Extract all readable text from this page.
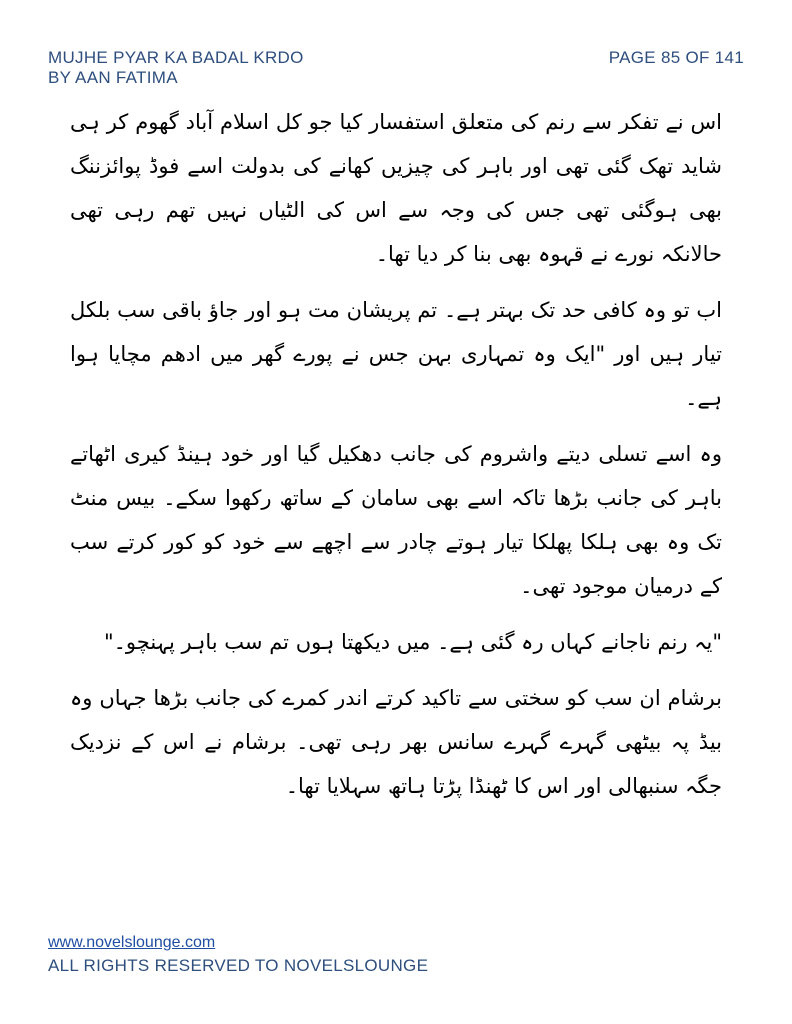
MUJHE PYAR KA BADAL KRDO
BY AAN FATIMA
PAGE 85 OF 141

اس نے تفکر سے رنم کی متعلق استفسار کیا جو کل اسلام آباد گھوم کر ہی شاید تھک گئی تھی اور باہر کی چیزیں کھانے کی بدولت اسے فوڈ پوائزننگ بھی ہوگئی تھی جس کی وجہ سے اس کی الٹیاں نہیں تھم رہی تھی حالانکہ نورے نے قہوہ بھی بنا کر دیا تھا۔

اب تو وہ کافی حد تک بہتر ہے۔ تم پریشان مت ہو اور جاؤ باقی سب بلکل تیار ہیں اور "ایک وہ تمہاری بہن جس نے پورے گھر میں ادھم مچایا ہوا ہے۔

وہ اسے تسلی دیتے واشروم کی جانب دھکیل گیا اور خود ہینڈ کیری اٹھاتے باہر کی جانب بڑھا تاکہ اسے بھی سامان کے ساتھ رکھوا سکے۔ بیس منٹ تک وہ بھی ہلکا پھلکا تیار ہوتے چادر سے اچھے سے خود کو کور کرتے سب کے درمیان موجود تھی۔

"یہ رنم ناجانے کہاں رہ گئی ہے۔ میں دیکھتا ہوں تم سب باہر پہنچو۔"

برشام ان سب کو سختی سے تاکید کرتے اندر کمرے کی جانب بڑھا جہاں وہ بیڈ پہ بیٹھی گہرے گہرے سانس بھر رہی تھی۔ برشام نے اس کے نزدیک جگہ سنبھالی اور اس کا ٹھنڈا پڑتا ہاتھ سہلایا تھا۔

www.novelslounge.com
ALL RIGHTS RESERVED TO NOVELSLOUNGE
